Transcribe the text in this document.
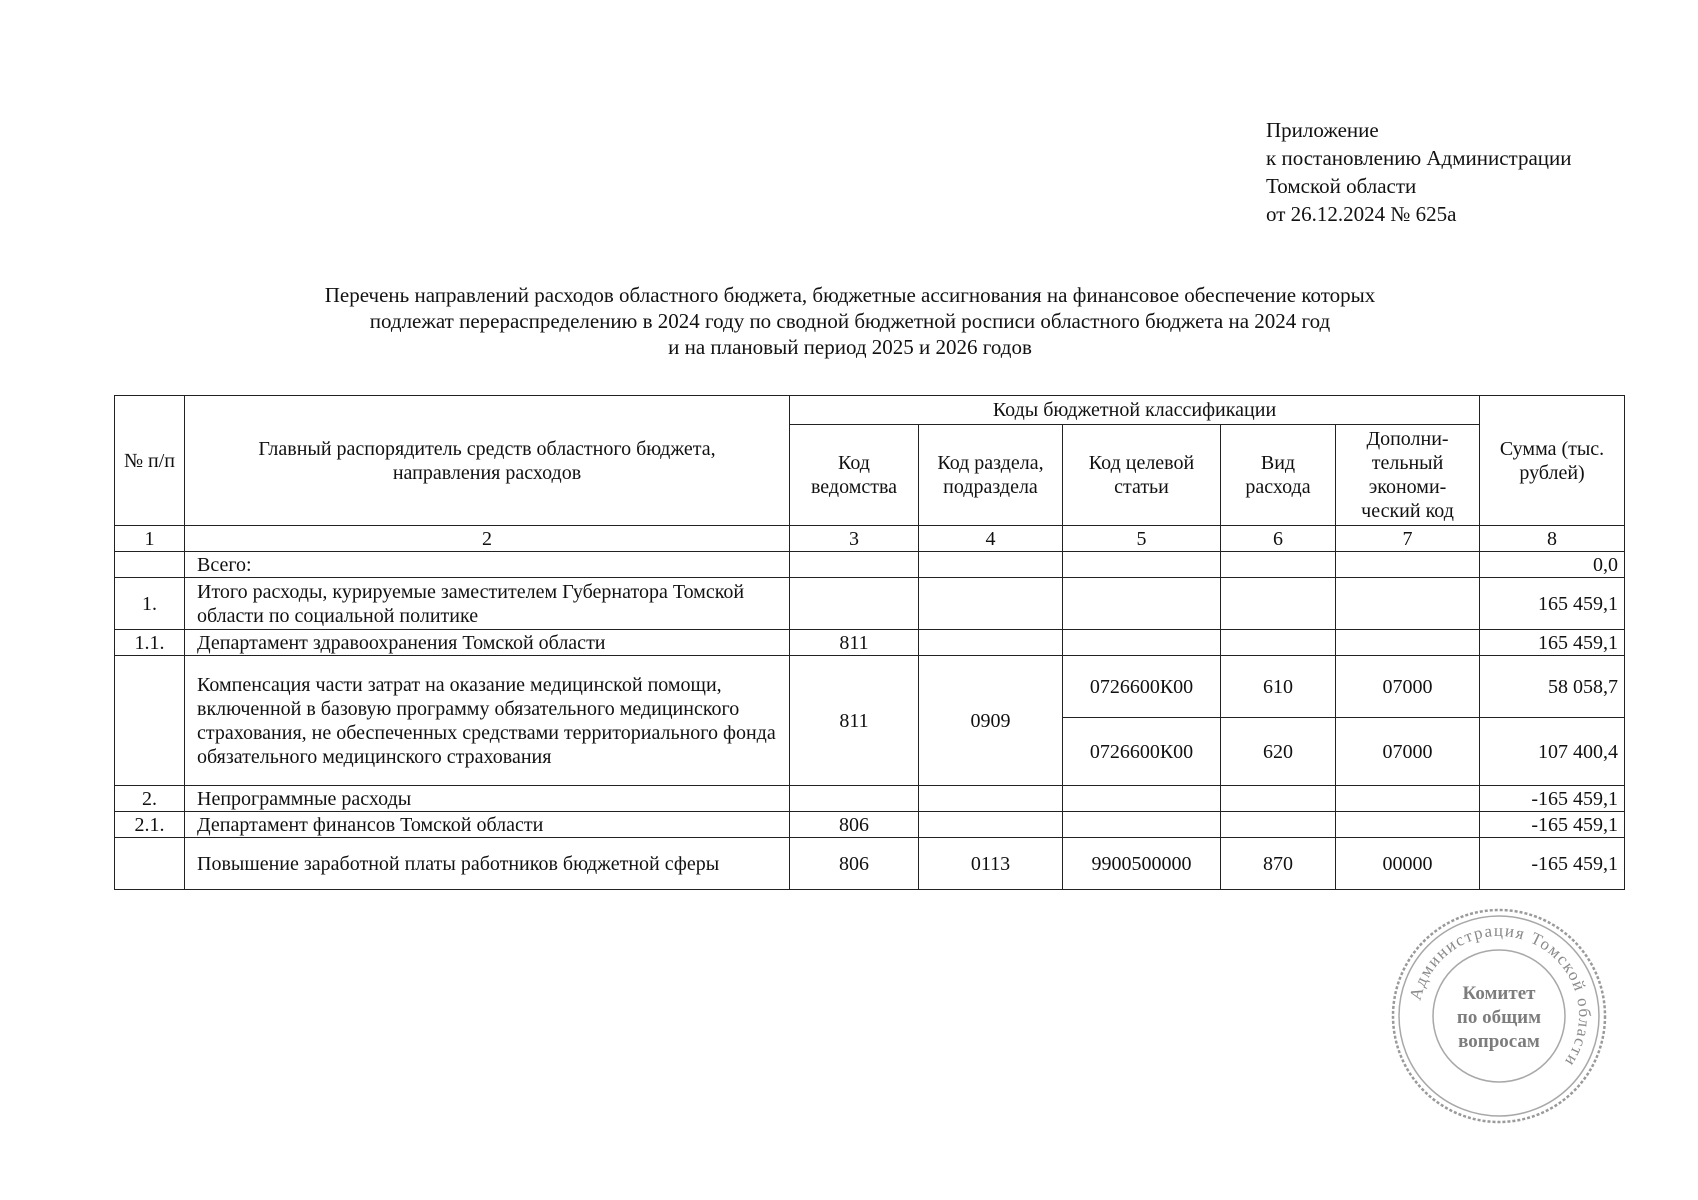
Приложение
к постановлению Администрации
Томской области
от 26.12.2024 № 625а
Перечень направлений расходов областного бюджета, бюджетные ассигнования на финансовое обеспечение которых
подлежат перераспределению в 2024 году по сводной бюджетной росписи областного бюджета на 2024 год
и на плановый период 2025 и 2026 годов
№ п/п	Главный распорядитель средств областного бюджета, направления расходов	Коды бюджетной классификации					Сумма (тыс. рублей)
		Код ведомства	Код раздела, подраздела	Код целевой статьи	Вид расхода	Дополни-тельный экономи-ческий код	
1	2	3	4	5	6	7	8
	Всего:						0,0
1.	Итого расходы, курируемые заместителем Губернатора Томской области по социальной политике						165 459,1
1.1.	Департамент здравоохранения Томской области	811					165 459,1
	Компенсация части затрат на оказание медицинской помощи, включенной в базовую программу обязательного медицинского страхования, не обеспеченных средствами территориального фонда обязательного медицинского страхования	811	0909	0726600К00	610	07000	58 058,7
				0726600К00	620	07000	107 400,4
2.	Непрограммные расходы						-165 459,1
2.1.	Департамент финансов Томской области	806					-165 459,1
	Повышение заработной платы работников бюджетной сферы	806	0113	9900500000	870	00000	-165 459,1
Администрация Томской области
Комитет
по общим
вопросам
